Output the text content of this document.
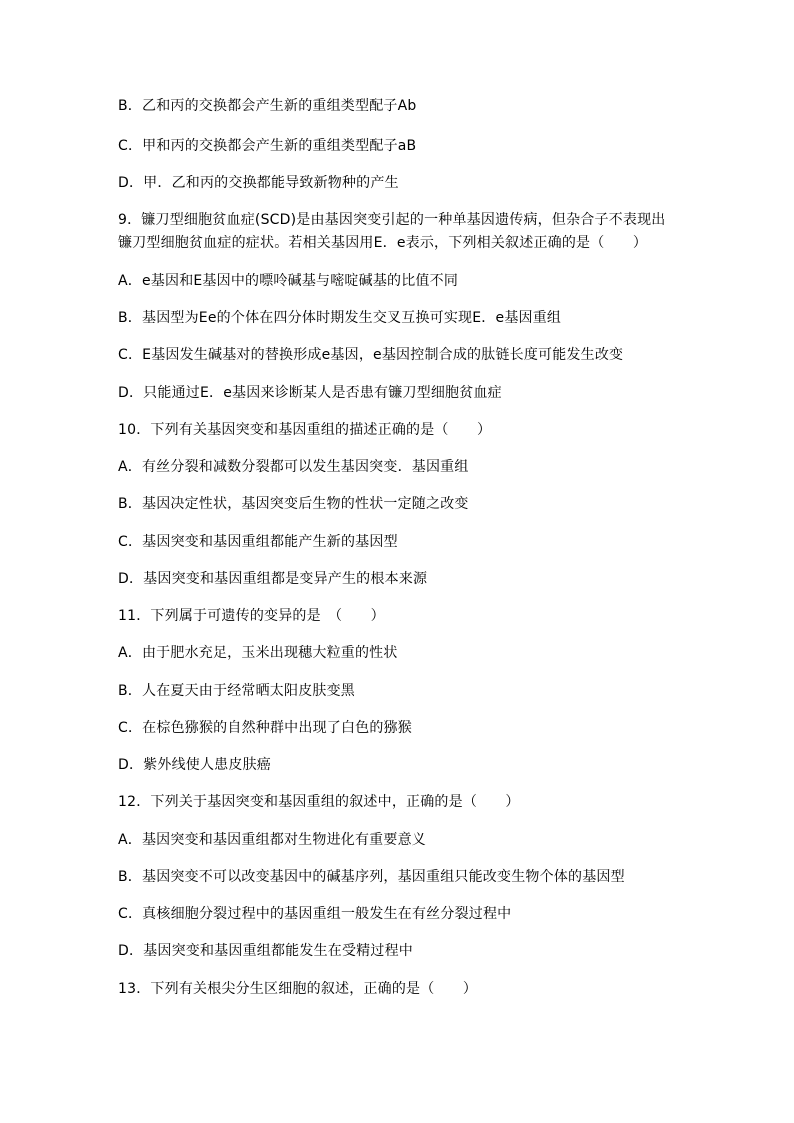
B．乙和丙的交换都会产生新的重组类型配子Ab
C．甲和丙的交换都会产生新的重组类型配子aB
D．甲．乙和丙的交换都能导致新物种的产生
9．镰刀型细胞贫血症(SCD)是由基因突变引起的一种单基因遗传病，但杂合子不表现出
镰刀型细胞贫血症的症状。若相关基因用E．e表示，下列相关叙述正确的是（　　）
A．e基因和E基因中的嘌呤碱基与嘧啶碱基的比值不同
B．基因型为Ee的个体在四分体时期发生交叉互换可实现E．e基因重组
C．E基因发生碱基对的替换形成e基因，e基因控制合成的肽链长度可能发生改变
D．只能通过E．e基因来诊断某人是否患有镰刀型细胞贫血症
10．下列有关基因突变和基因重组的描述正确的是（　　）
A．有丝分裂和减数分裂都可以发生基因突变．基因重组
B．基因决定性状，基因突变后生物的性状一定随之改变
C．基因突变和基因重组都能产生新的基因型
D．基因突变和基因重组都是变异产生的根本来源
11．下列属于可遗传的变异的是　（　　）
A．由于肥水充足，玉米出现穗大粒重的性状
B．人在夏天由于经常晒太阳皮肤变黑
C．在棕色猕猴的自然种群中出现了白色的猕猴
D．紫外线使人患皮肤癌
12．下列关于基因突变和基因重组的叙述中，正确的是（　　）
A．基因突变和基因重组都对生物进化有重要意义
B．基因突变不可以改变基因中的碱基序列，基因重组只能改变生物个体的基因型
C．真核细胞分裂过程中的基因重组一般发生在有丝分裂过程中
D．基因突变和基因重组都能发生在受精过程中
13．下列有关根尖分生区细胞的叙述，正确的是（　　）
